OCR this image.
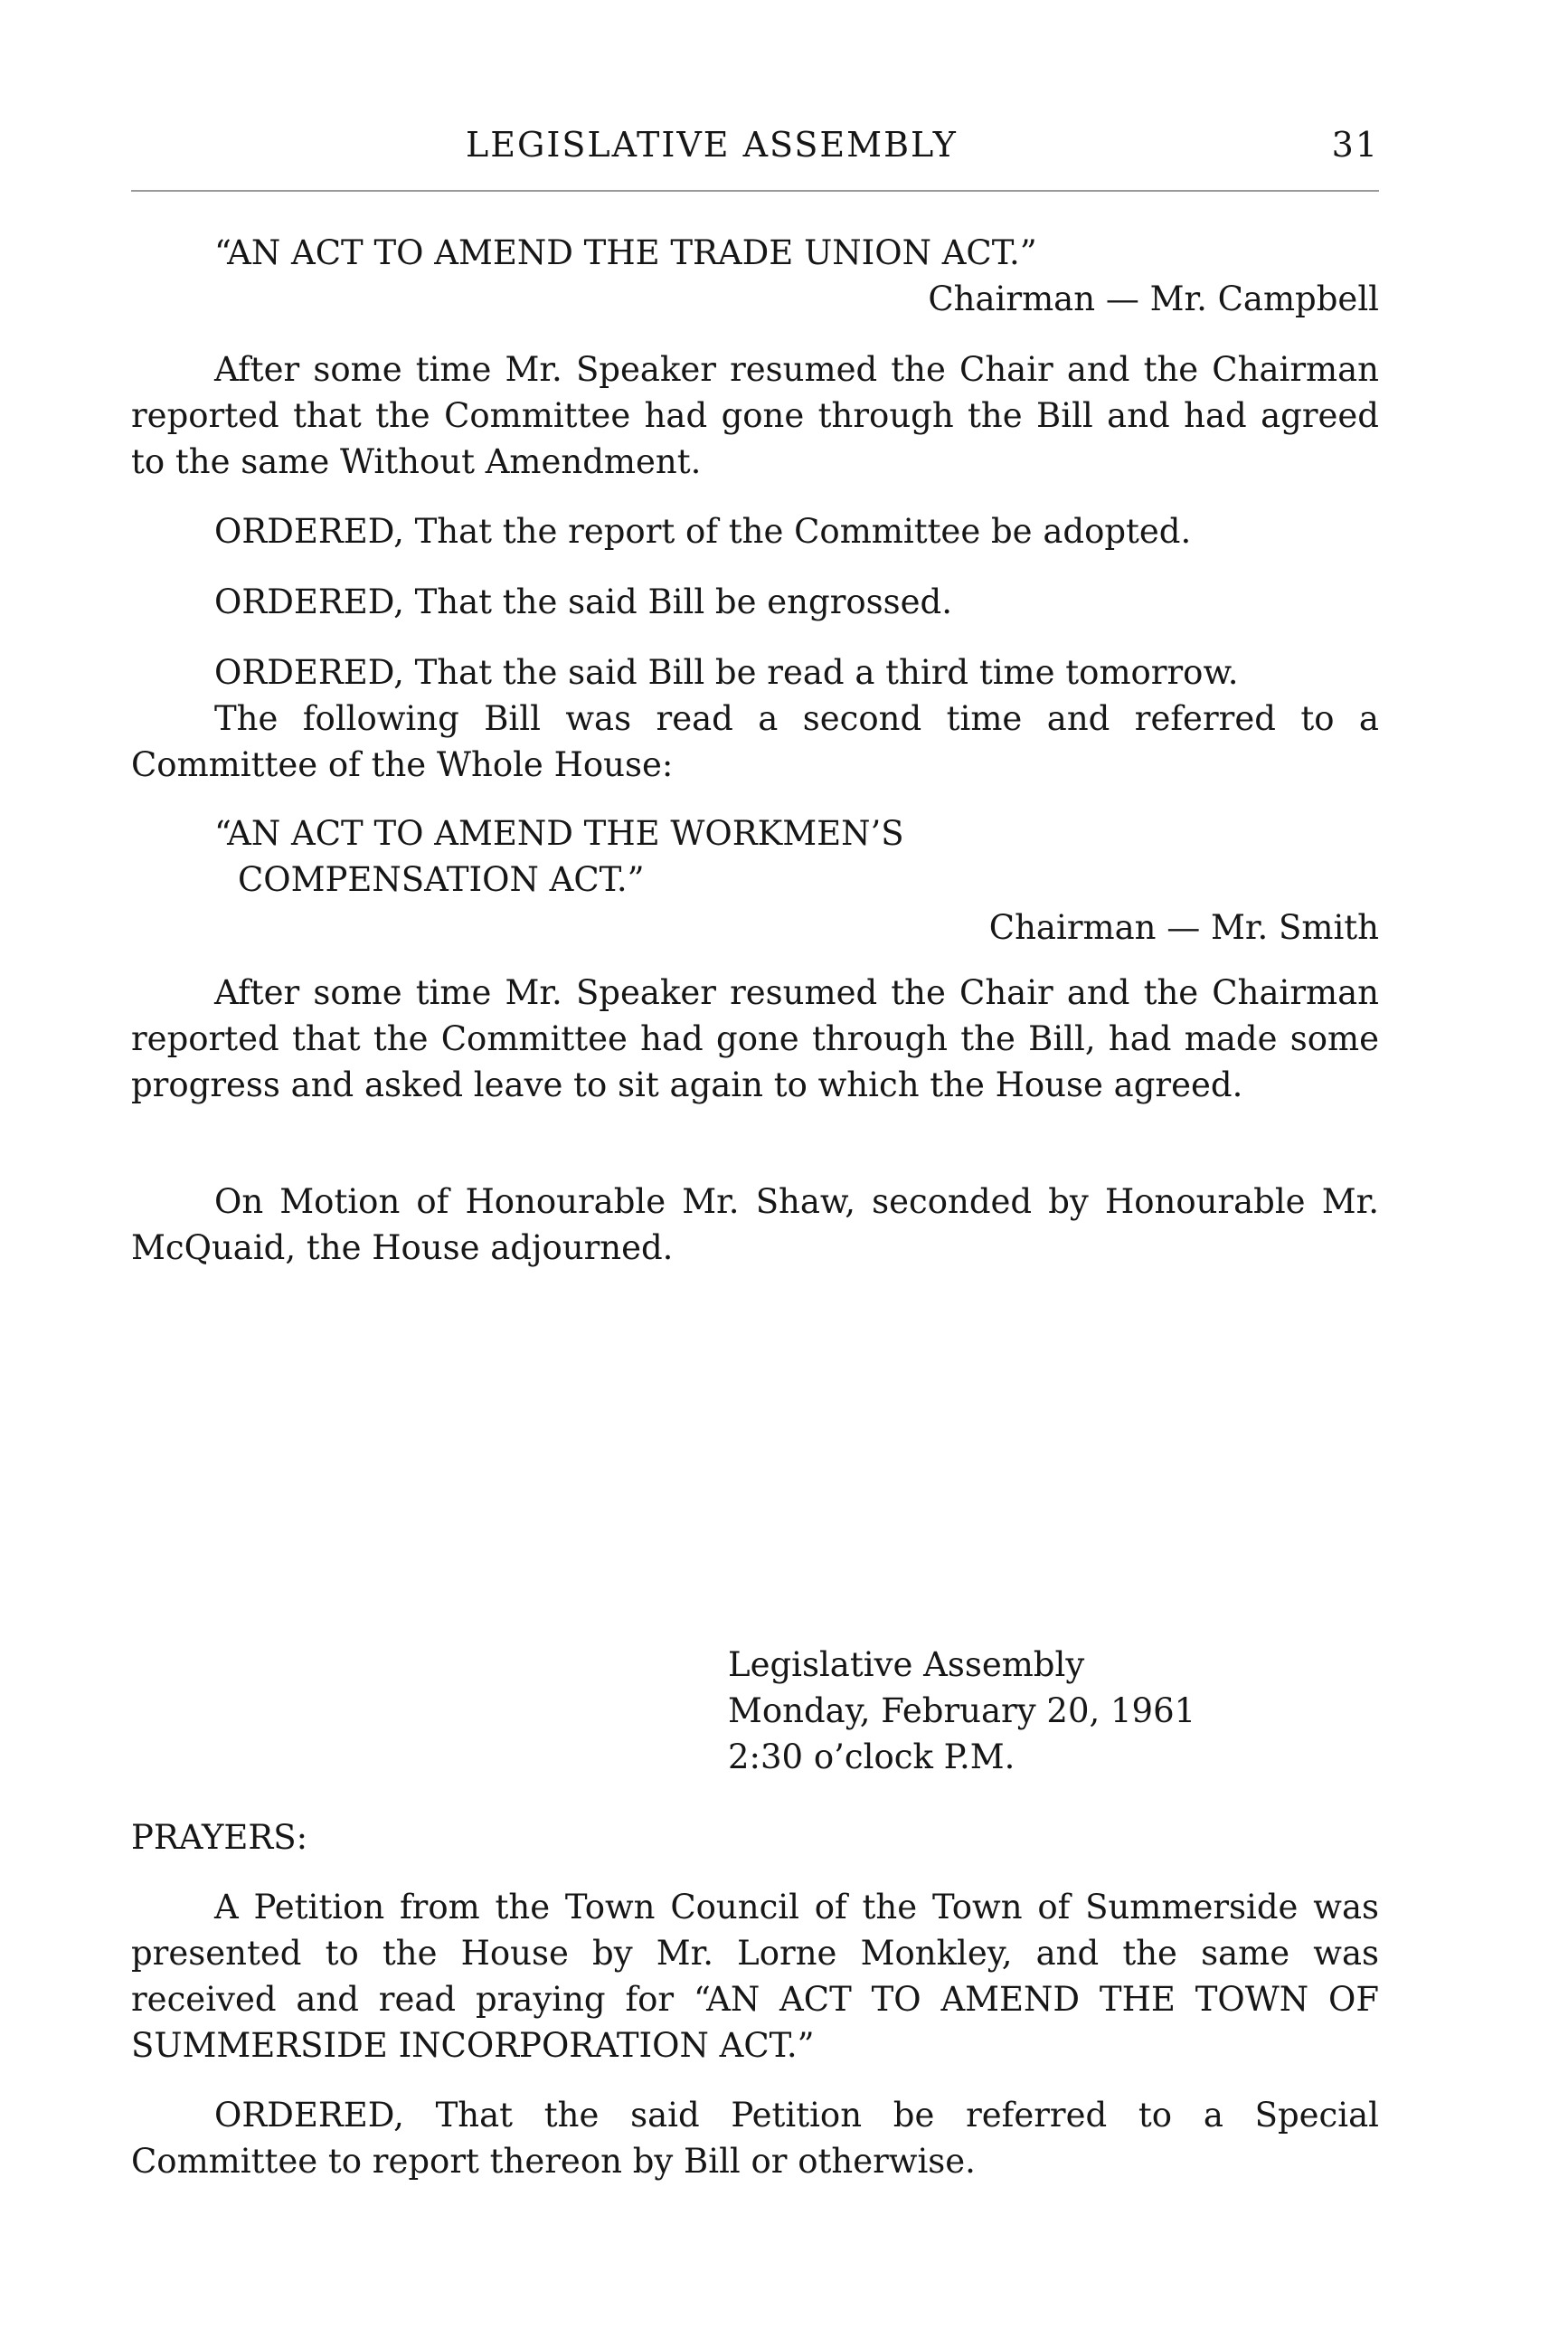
LEGISLATIVE ASSEMBLY	31
“AN ACT TO AMEND THE TRADE UNION ACT.”
Chairman — Mr. Campbell

After some time Mr. Speaker resumed the Chair and the Chairman reported that the Committee had gone through the Bill and had agreed to the same Without Amendment.

ORDERED, That the report of the Committee be adopted.

ORDERED, That the said Bill be engrossed.

ORDERED, That the said Bill be read a third time tomorrow.

The following Bill was read a second time and referred to a Committee of the Whole House:

“AN ACT TO AMEND THE WORKMEN’S
COMPENSATION ACT.”
Chairman — Mr. Smith

After some time Mr. Speaker resumed the Chair and the Chairman reported that the Committee had gone through the Bill, had made some progress and asked leave to sit again to which the House agreed.

On Motion of Honourable Mr. Shaw, seconded by Honourable Mr. McQuaid, the House adjourned.

Legislative Assembly
Monday, February 20, 1961
2:30 o’clock P.M.
PRAYERS:

A Petition from the Town Council of the Town of Summerside was presented to the House by Mr. Lorne Monkley, and the same was received and read praying for “AN ACT TO AMEND THE TOWN OF SUMMERSIDE INCORPORATION ACT.”

ORDERED, That the said Petition be referred to a Special Committee to report thereon by Bill or otherwise.
